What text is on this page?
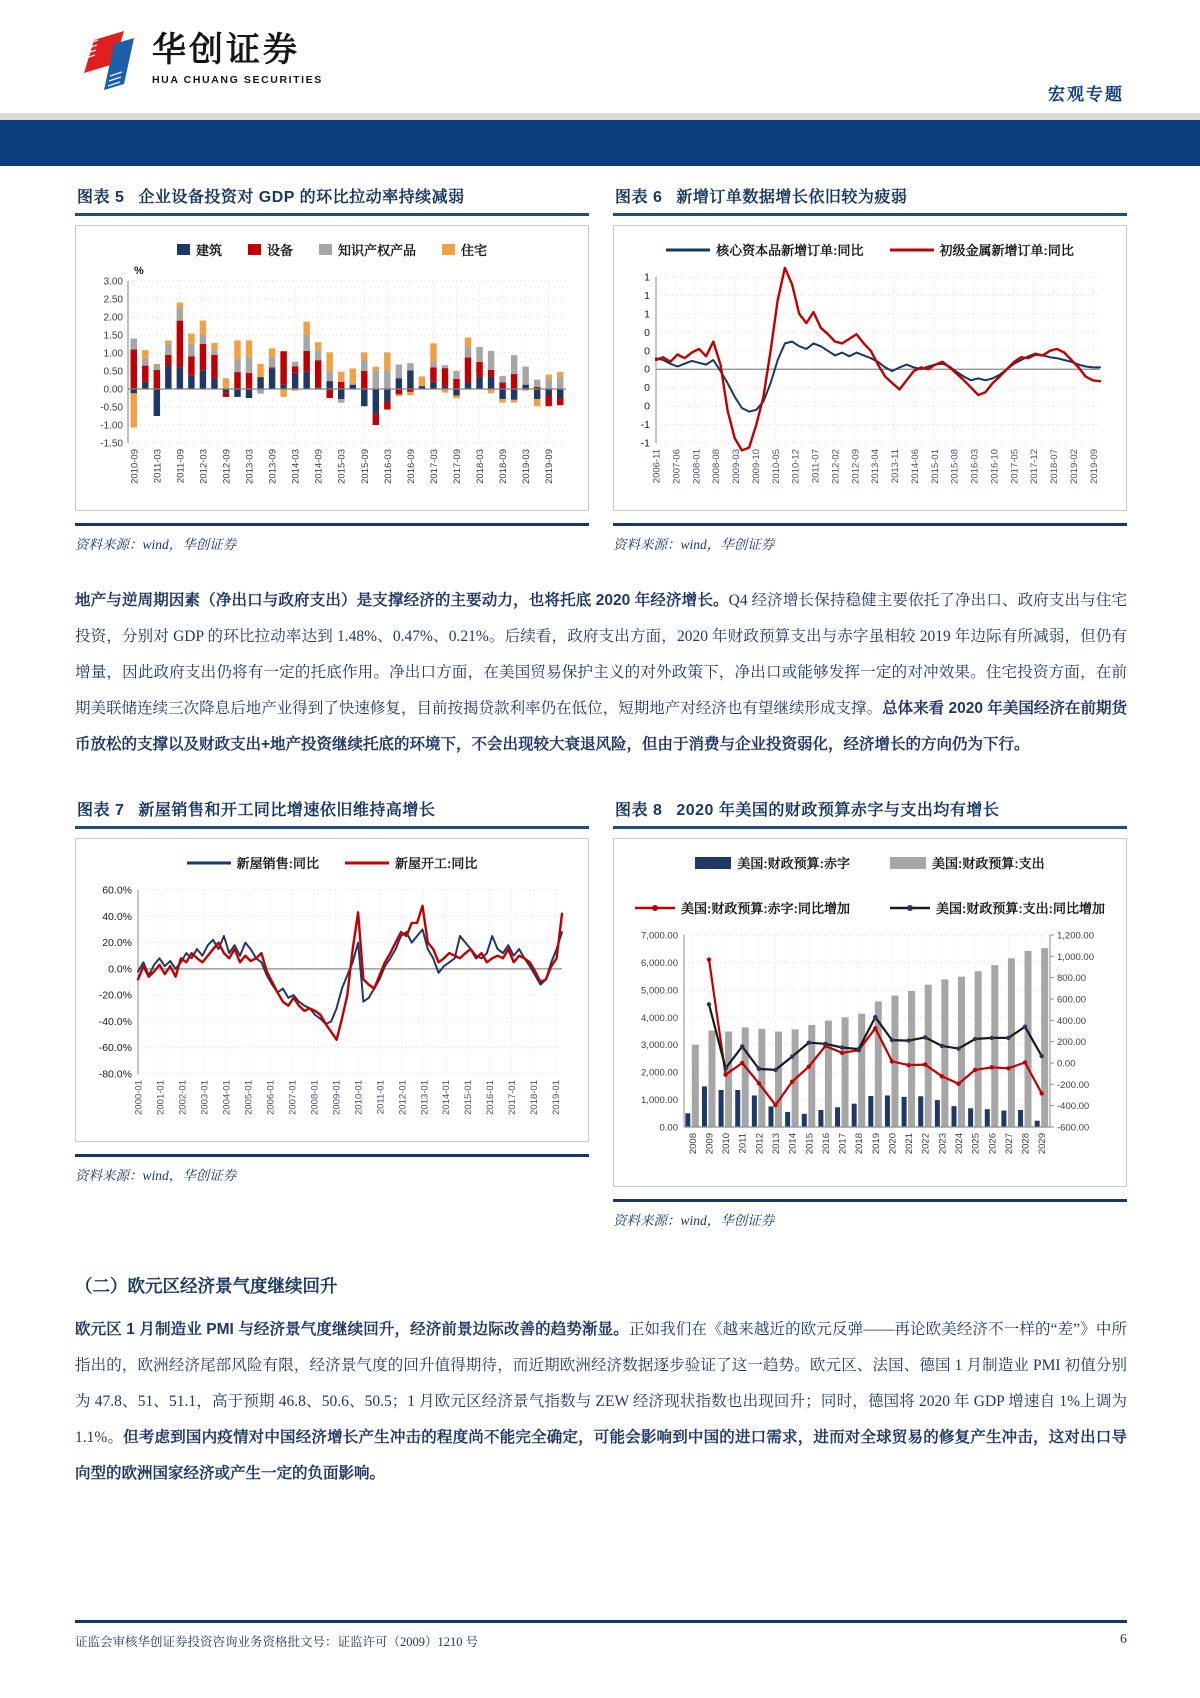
华创证券
HUA CHUANG SECURITIES
宏观专题
图表 5 企业设备投资对 GDP 的环比拉动率持续减弱
建筑	设备	知识产权产品	住宅
3.00
2.50
2.00
1.50
1.00
0.50
0.00
-0.50
-1.00
-1.50
%
2010-09 2011-03 2011-09 2012-03 2012-09 2013-03 2013-09 2014-03 2014-09 2015-03 2015-09 2016-03 2016-09 2017-03 2017-09 2018-03 2018-09 2019-03 2019-09
资料来源：wind，华创证券
图表 6 新增订单数据增长依旧较为疲弱
核心资本品新增订单:同比	初级金属新增订单:同比
1
1
1
0
0
0
0
0
-1
-1
2006-11 2007-06 2008-01 2008-08 2009-03 2009-10 2010-05 2010-12 2011-07 2012-02 2012-09 2013-04 2013-11 2014-06 2015-01 2015-08 2016-03 2016-10 2017-05 2017-12 2018-07 2019-02 2019-09
资料来源：wind，华创证券

地产与逆周期因素（净出口与政府支出）是支撑经济的主要动力，也将托底 2020 年经济增长。Q4 经济增长保持稳健主要依托了净出口、政府支出与住宅投资，分别对 GDP 的环比拉动率达到 1.48%、0.47%、0.21%。后续看，政府支出方面，2020 年财政预算支出与赤字虽相较 2019 年边际有所减弱，但仍有增量，因此政府支出仍将有一定的托底作用。净出口方面，在美国贸易保护主义的对外政策下，净出口或能够发挥一定的对冲效果。住宅投资方面，在前期美联储连续三次降息后地产业得到了快速修复，目前按揭贷款利率仍在低位，短期地产对经济也有望继续形成支撑。总体来看 2020 年美国经济在前期货币放松的支撑以及财政支出+地产投资继续托底的环境下，不会出现较大衰退风险，但由于消费与企业投资弱化，经济增长的方向仍为下行。

图表 7 新屋销售和开工同比增速依旧维持高增长
新屋销售:同比	新屋开工:同比
60.0%
40.0%
20.0%
0.0%
-20.0%
-40.0%
-60.0%
-80.0%
2000-01 2001-01 2002-01 2003-01 2004-01 2005-01 2006-01 2007-01 2008-01 2009-01 2010-01 2011-01 2012-01 2013-01 2014-01 2015-01 2016-01 2017-01 2018-01 2019-01
资料来源：wind，华创证券
图表 8 2020 年美国的财政预算赤字与支出均有增长
美国:财政预算:赤字	美国:财政预算:支出
美国:财政预算:赤字:同比增加	美国:财政预算:支出:同比增加
7,000.00
6,000.00
5,000.00
4,000.00
3,000.00
2,000.00
1,000.00
0.00
2008 2009 2010 2011 2012 2013 2014 2015 2016 2017 2018 2019 2020 2021 2022 2023 2024 2025 2026 2027 2028 2029
1,200.00
1,000.00
800.00
600.00
400.00
200.00
0.00
-200.00
-400.00
-600.00
资料来源：wind，华创证券
（二）欧元区经济景气度继续回升

欧元区 1 月制造业 PMI 与经济景气度继续回升，经济前景边际改善的趋势渐显。正如我们在《越来越近的欧元反弹——再论欧美经济不一样的“差”》中所指出的，欧洲经济尾部风险有限，经济景气度的回升值得期待，而近期欧洲经济数据逐步验证了这一趋势。欧元区、法国、德国 1 月制造业 PMI 初值分别为 47.8、51、51.1，高于预期 46.8、50.6、50.5；1 月欧元区经济景气指数与 ZEW 经济现状指数也出现回升；同时，德国将 2020 年 GDP 增速自 1%上调为 1.1%。但考虑到国内疫情对中国经济增长产生冲击的程度尚不能完全确定，可能会影响到中国的进口需求，进而对全球贸易的修复产生冲击，这对出口导向型的欧洲国家经济或产生一定的负面影响。

证监会审核华创证券投资咨询业务资格批文号：证监许可（2009）1210 号	6
